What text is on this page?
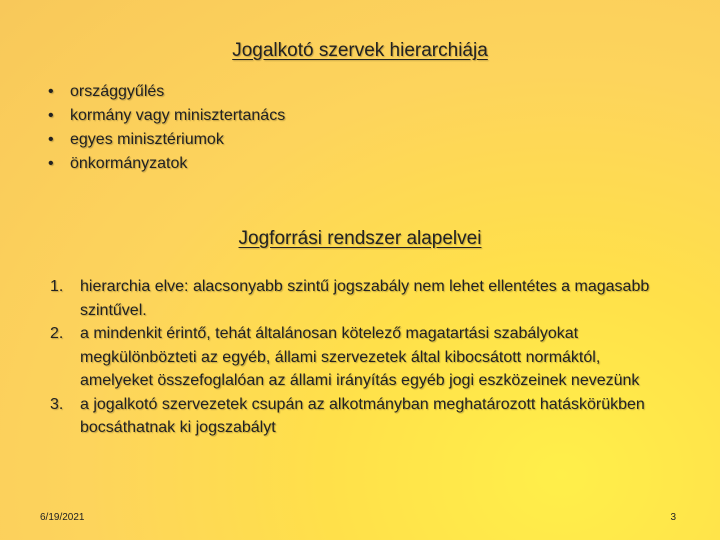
Jogalkotó szervek hierarchiája
• országgyűlés
• kormány vagy minisztertanács
• egyes minisztériumok
• önkormányzatok
Jogforrási rendszer alapelvei
1. hierarchia elve: alacsonyabb szintű jogszabály nem lehet ellentétes a magasabb szintűvel.
2. a mindenkit érintő, tehát általánosan kötelező magatartási szabályokat megkülönbözteti az egyéb, állami szervezetek által kibocsátott normáktól, amelyeket összefoglalóan az állami irányítás egyéb jogi eszközeinek nevezünk
3. a jogalkotó szervezetek csupán az alkotmányban meghatározott hatáskörükben bocsáthatnak ki jogszabályt
6/19/2021	3
